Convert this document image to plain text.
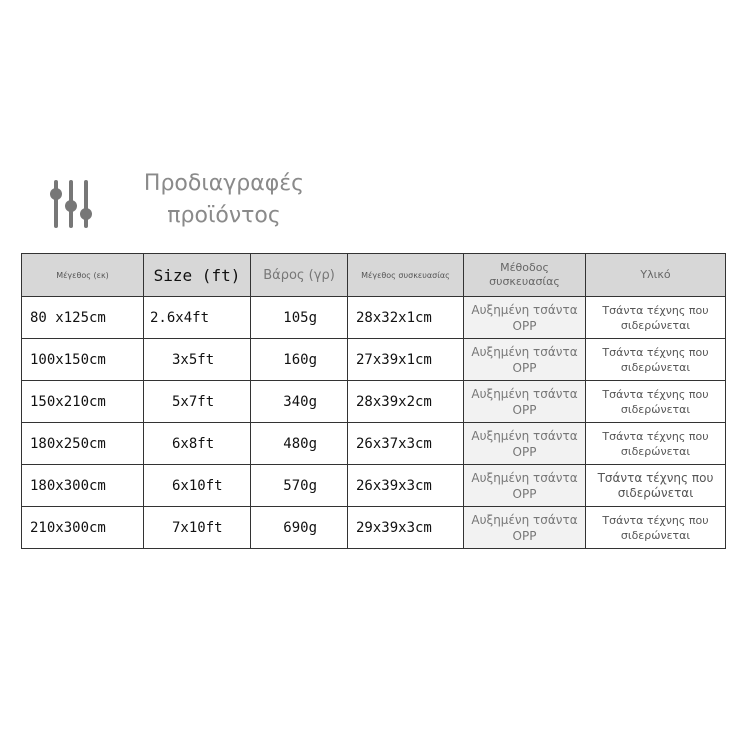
Προδιαγραφές
προϊόντος
Μέγεθος (εκ)	Size (ft)	Βάρος (γρ)	Μέγεθος συσκευασίας	Μέθοδος συσκευασίας	Υλικό
80 x125cm	2.6x4ft	105g	28x32x1cm	Αυξημένη τσάντα OPP	Τσάντα τέχνης που σιδερώνεται
100x150cm	3x5ft	160g	27x39x1cm	Αυξημένη τσάντα OPP	Τσάντα τέχνης που σιδερώνεται
150x210cm	5x7ft	340g	28x39x2cm	Αυξημένη τσάντα OPP	Τσάντα τέχνης που σιδερώνεται
180x250cm	6x8ft	480g	26x37x3cm	Αυξημένη τσάντα OPP	Τσάντα τέχνης που σιδερώνεται
180x300cm	6x10ft	570g	26x39x3cm	Αυξημένη τσάντα OPP	Τσάντα τέχνης που σιδερώνεται
210x300cm	7x10ft	690g	29x39x3cm	Αυξημένη τσάντα OPP	Τσάντα τέχνης που σιδερώνεται
